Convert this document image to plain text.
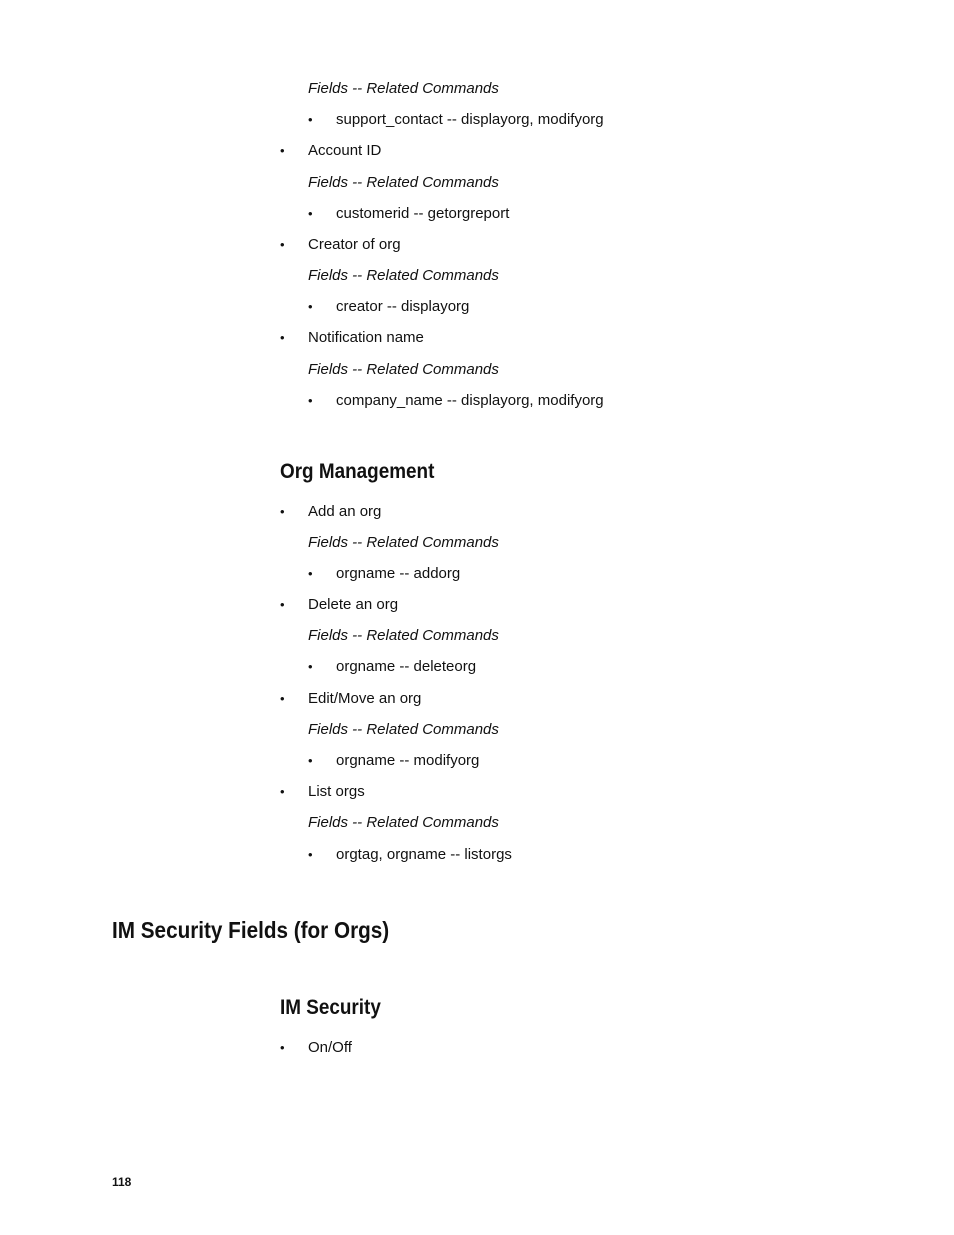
Fields -- Related Commands
• support_contact -- displayorg, modifyorg
• Account ID
Fields -- Related Commands
• customerid -- getorgreport
• Creator of org
Fields -- Related Commands
• creator -- displayorg
• Notification name
Fields -- Related Commands
• company_name -- displayorg, modifyorg
Org Management
• Add an org
Fields -- Related Commands
• orgname -- addorg
• Delete an org
Fields -- Related Commands
• orgname -- deleteorg
• Edit/Move an org
Fields -- Related Commands
• orgname -- modifyorg
• List orgs
Fields -- Related Commands
• orgtag, orgname -- listorgs
IM Security Fields (for Orgs)
IM Security
• On/Off
118
